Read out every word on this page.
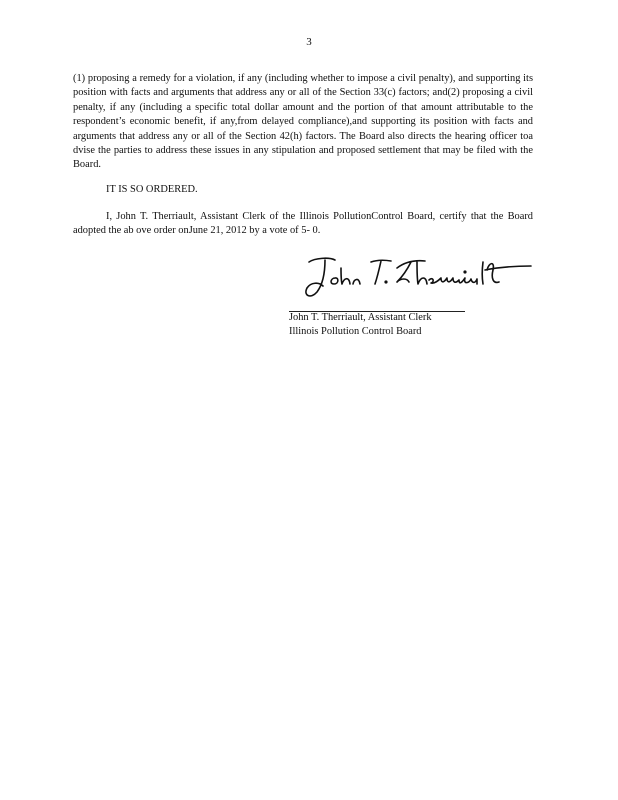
3

(1) proposing a remedy for a violation, if any (including whether to impose a civil penalty), and supporting its position with facts and arguments that address any or all of the Section 33(c) factors; and(2) proposing a civil penalty, if any (including a specific total dollar amount and the portion of that amount attributable to the respondent’s economic benefit, if any,from delayed compliance),and supporting its position with facts and arguments that address any or all of the Section 42(h) factors. The Board also directs the hearing officer toa dvise the parties to address these issues in any stipulation and proposed settlement that may be filed with the Board.

IT IS SO ORDERED.

I, John T. Therriault, Assistant Clerk of the Illinois PollutionControl Board, certify that the Board adopted the ab ove order onJune 21, 2012 by a vote of 5- 0.

John T. Therriault, Assistant Clerk

Illinois Pollution Control Board
